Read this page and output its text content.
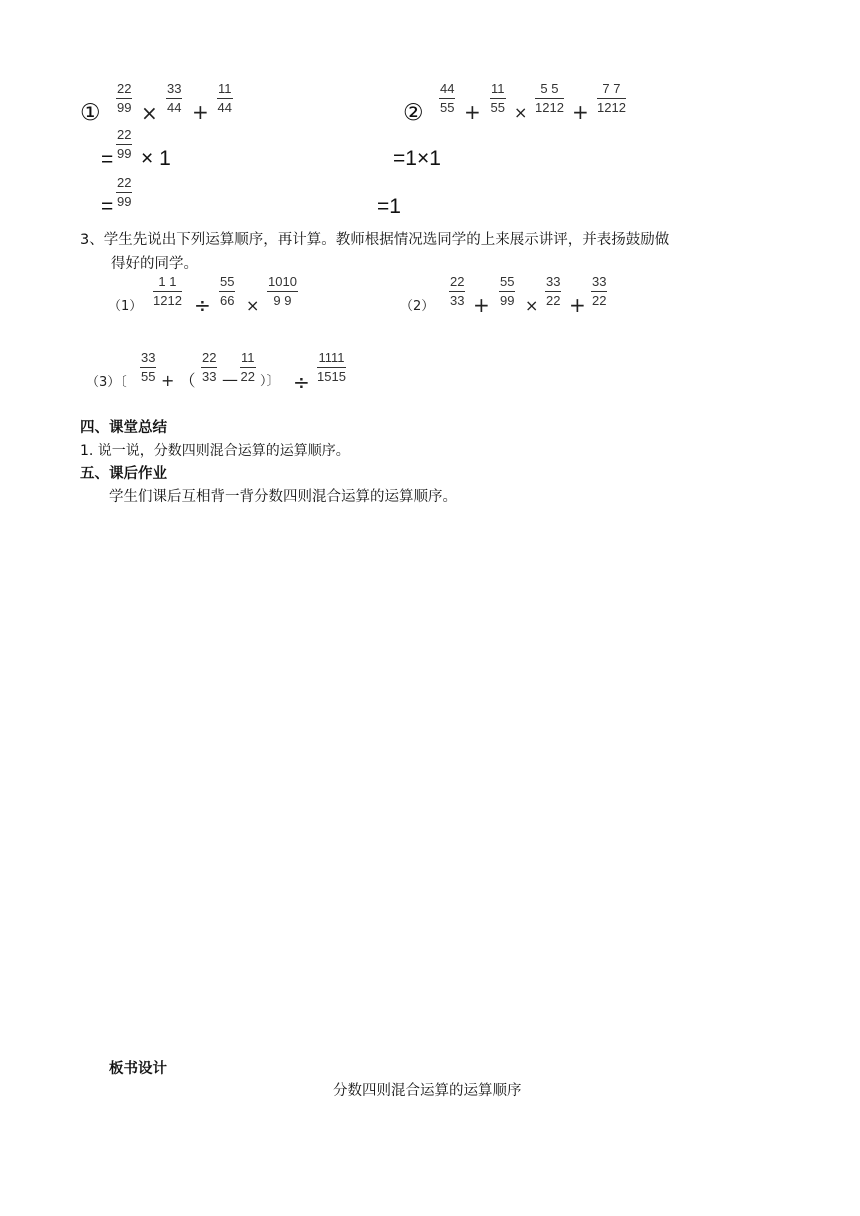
①
22
99 ×
33
44 +
11
44
=
22
99 × 1
=
22
99
②
44
55 +
11
55 ×
5 5
1212 +
7 7
1212
=1×1
=1
3、学生先说出下列运算顺序，再计算。教师根据情况选同学的上来展示讲评，并表扬鼓励做
得好的同学。
（1）
1 1
1212 ÷
55
66 ×
1010
9 9	（2）
22
33 +
55
99 ×
33
22 +
33
22
（3）〔
33
55 + （
22
33 —
11
22 ）〕 ÷
1111
1515
四、课堂总结
1. 说一说，分数四则混合运算的运算顺序。
五、课后作业
学生们课后互相背一背分数四则混合运算的运算顺序。
板书设计
分数四则混合运算的运算顺序
